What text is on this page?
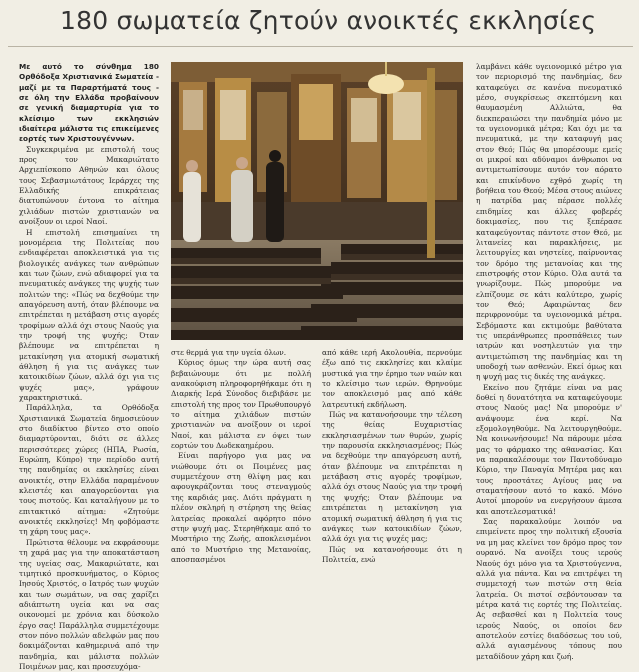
180 σωματεία ζητούν ανοικτές εκκλησίες

Με αυτό το σύνθημα 180 Ορθόδοξα Χριστιανικά Σωματεία - μαζί με τα Παραρτήματά τους - σε όλη την Ελλάδα προβαίνουν σε γενική διαμαρτυρία για το κλείσιμο των εκκλησιών ιδιαίτερα μάλιστα τις επικείμενες εορτές των Χριστουγέννων.

Συγκεκριμένα με επιστολή τους προς τον Μακαριώτατο Αρχιεπίσκοπο Αθηνών και όλους τους Σεβασμιωτάτους Ιεράρχες της Ελλαδικής επικράτειας διατυπώνουν έντονα το αίτημα χιλιάδων πιστών χριστιανών να ανοίξουν οι ιεροί Ναοί.

Η επιστολή επισημαίνει τη μονομέρεια της Πολιτείας που ενδιαφέρεται αποκλειστικά για τις βιολογικές ανάγκες των ανθρώπων και των ζώων, ενώ αδιαφορεί για τα πνευματικές ανάγκες της ψυχής των πολιτών της: «Πώς να δεχθούμε την απαγόρευση αυτή, όταν βλέπουμε να επιτρέπεται η μετάβαση στις αγορές τροφίμων αλλά όχι στους Ναούς για την τροφή της ψυχής; Όταν βλέπουμε να επιτρέπεται η μετακίνηση για ατομική σωματική άθληση ή για τις ανάγκες των κατοικιδίων ζώων, αλλά όχι για τις ψυχές μας», γράφουν χαρακτηριστικά.

Παράλληλα, τα Ορθόδοξα Χριστιανικά Σωματεία δημοσιεύουν στο διαδίκτυο βίντεο στο οποίο διαμαρτύρονται, διότι σε άλλες περισσότερες χώρες (ΗΠΑ, Ρωσία, Ευρώπη, Κύπρο) την περίοδο αυτή της πανδημίας οι εκκλησίες είναι ανοικτές, στην Ελλάδα παραμένουν κλειστές και απαγορεύονται για τους πιστούς. Και καταλήγουν με το επιτακτικό αίτημα: «Ζητούμε ανοικτές εκκλησίες! Μη φοβόμαστε τη χάρη τους μας».

Πρώτιστα θέλουμε να εκφράσουμε τη χαρά μας για την αποκατάσταση της υγείας σας, Μακαριώτατε, και τιμητικό προσκυνήματος, ο Κύριος Ιησούς Χριστός, ο Ιατρός των ψυχών και των σωμάτων, να σας χαρίζει αδιάπτωτη υγεία και να σας οικονομεί με χρόνια και δύσκολο έργο σας! Παράλληλα συμμετέχουμε στον πόνο πολλών αδελφών μας που δοκιμάζονται καθημερινά από την πανδημία, και μάλιστα πολλών Ποιμένων μας, και προσευχόμα-

στε θερμά για την υγεία όλων.

Κύριος όμως την ώρα αυτή σας βεβαιώνουμε ότι με πολλή ανακούφιση πληροφορηθήκαμε ότι η Διαρκής Ιερά Σύνοδος διεβιβάσε με επιστολή της προς τον Πρωθυπουργό το αίτημα χιλιάδων πιστών χριστιανών να ανοίξουν οι ιεροί Ναοί, και μάλιστα εν όψει των εορτών του Δωδεκαημέρου.

Είναι παρήγορο για μας να νιώθουμε ότι οι Ποιμένες μας συμμετέχουν στη θλίψη μας και αφουγκράζονται τους στεναγμούς της καρδιάς μας. Διότι πράγματι η πλέον σκληρή η στέρηση της θείας λατρείας προκαλεί αφόρητο πόνο στην ψυχή μας. Στερηθήκαμε από το Μυστήριο της Ζωής, αποκλεισμένοι από το Μυστήριο της Μετανοίας, αποσπασμένοι

από κάθε ιερή Ακολουθία, περνούμε έξω από τις εκκλησίες και κλαίμε μυστικά για την έρημο των ναών και το κλείσιμο των ιερών. Θρηνούμε τον αποκλεισμό μας από κάθε λατρευτική εκδήλωση.

Πώς να κατανοήσουμε την τέλεση της θείας Ευχαριστίας εκκλησιασμένων των θυρών, χωρίς την παρουσία εκκλησιασμένος; Πώς να δεχθούμε την απαγόρευση αυτή, όταν βλέπουμε να επιτρέπεται η μετάβαση στις αγορές τροφίμων, αλλά όχι στους Ναούς για την τροφή της ψυχής; Όταν βλέπουμε να επιτρέπεται η μετακίνηση για ατομική σωματική άθληση ή για τις ανάγκες των κατοικιδίων ζώων, αλλά όχι για τις ψυχές μας;

Πώς να κατανοήσουμε ότι η Πολιτεία, ενώ

λαμβάνει κάθε υγειονομικό μέτρο για τον περιορισμό της πανδημίας, δεν καταφεύγει σε κανένα πνευματικό μέσο, συγκρίσεως σκεπτόμενη και θαυμασμένη Αλλιώτα, θα διεκπεραιώσει την πανδημία μόνο με τα υγειονομικά μέτρα; Και όχι με τα πνευματικά, με την καταφυγή μας στον Θεό; Πώς θα μπορέσουμε εμείς οι μικροί και αδύναμοι άνθρωποι να αντιμετωπίσουμε αυτόν τον αόρατο και επικίνδυνο εχθρό χωρίς τη βοήθεια του Θεού; Μέσα στους αιώνες η πατρίδα μας πέρασε πολλές επιδημίες και άλλες φοβερές δοκιμασίες, που τις ξεπέρασε καταφεύγοντας πάντοτε στον Θεό, με λιτανείες και παρακλήσεις, με λειτουργίες και νηστείες, παίρνοντας τον δρόμο της μετανοίας και της επιστροφής στον Κύριο. Όλα αυτά τα γνωρίζουμε. Πώς μπορούμε να ελπίζουμε σε κάτι καλύτερο, χωρίς τον Θεό; Αφαιρώντας δεν περιφρονούμε τα υγειονομικά μέτρα. Σεβόμαστε και εκτιμούμε βαθύτατα τις υπεράνθρωπες προσπάθειες των ιατρών και νοσηλευτών για την αντιμετώπιση της πανδημίας και τη υποδοχή των ασθενών. Εκεί όμως και η ψυχή μας τις δικές της ανάγκες.

Εκείνο που ζητάμε είναι να μας δοθεί η δυνατότητα να καταφεύγουμε στους Ναούς μας! Να μπορούμε ν' ανάψουμε ένα κερί. Να εξομολογηθούμε. Να λειτουργηθούμε. Να κοινωνήσουμε! Να πάρουμε μέσα μας το φάρμακο της αθανασίας. Και να παρακαλέσουμε τον Παντοδύναμο Κύριο, την Παναγία Μητέρα μας και τους προστάτες Αγίους μας να σταματήσουν αυτό το κακό. Μόνο Αυτοί μπορούν να ενεργήσουν άμεσα και αποτελεσματικά!

Σας παρακαλούμε λοιπόν να επιμείνετε προς την πολιτική εξουσία να μη μας κλείνει τον δρόμο προς τον ουρανό. Να ανοίξει τους ιερούς Ναούς όχι μόνο για τα Χριστούγεννα, αλλά για πάντα. Και να επιτρέψει τη συμμετοχή των πιστών στη θεία λατρεία. Οι πιστοί σεβόντουσαν τα μέτρα κατά τις εορτές της Πολιτείας. Ας σεβασθεί και η Πολιτεία τους ιερούς Ναούς, οι οποίοι δεν αποτελούν εστίες διαδόσεως του ιού, αλλά αγιασμένους τόπους που μεταδίδουν χάρη και ζωή.
